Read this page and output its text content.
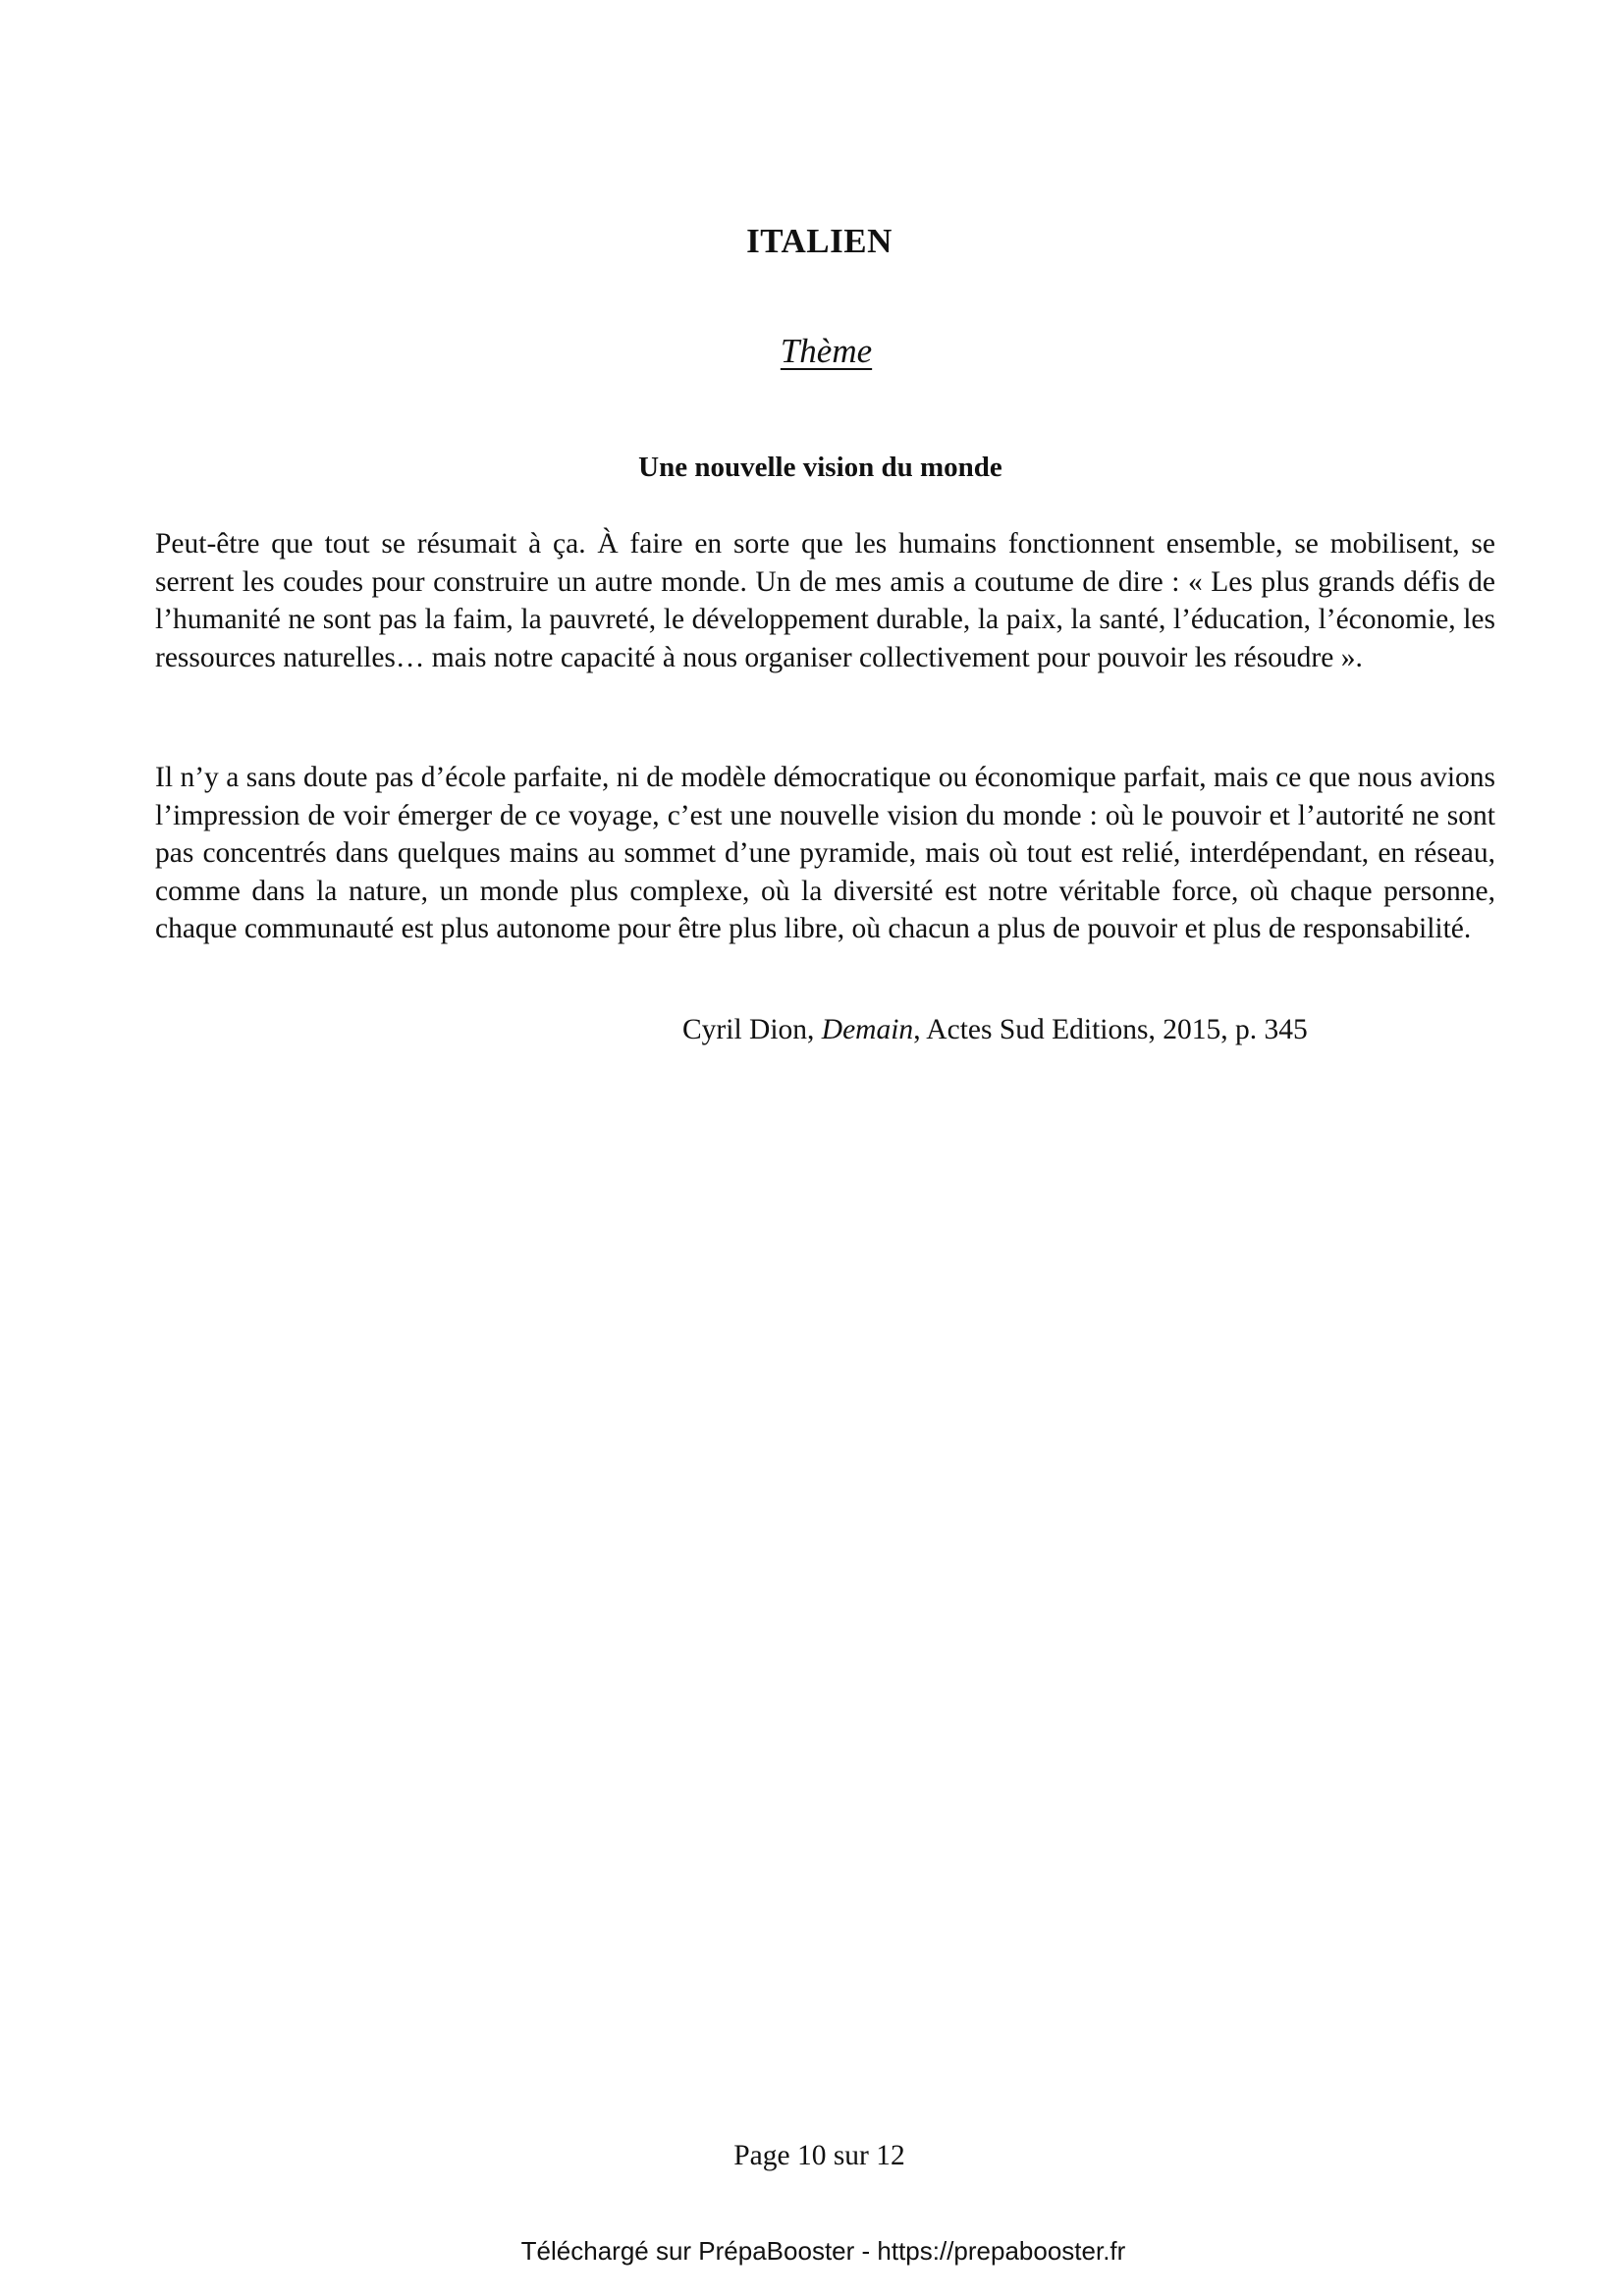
ITALIEN
Thème
Une nouvelle vision du monde

Peut-être que tout se résumait à ça. À faire en sorte que les humains fonctionnent ensemble, se mobilisent, se serrent les coudes pour construire un autre monde. Un de mes amis a coutume de dire : « Les plus grands défis de l’humanité ne sont pas la faim, la pauvreté, le développement durable, la paix, la santé, l’éducation, l’économie, les ressources naturelles… mais notre capacité à nous organiser collectivement pour pouvoir les résoudre ».

Il n’y a sans doute pas d’école parfaite, ni de modèle démocratique ou économique parfait, mais ce que nous avions l’impression de voir émerger de ce voyage, c’est une nouvelle vision du monde : où le pouvoir et l’autorité ne sont pas concentrés dans quelques mains au sommet d’une pyramide, mais où tout est relié, interdépendant, en réseau, comme dans la nature, un monde plus complexe, où la diversité est notre véritable force, où chaque personne, chaque communauté est plus autonome pour être plus libre, où chacun a plus de pouvoir et plus de responsabilité.

Cyril Dion, Demain, Actes Sud Editions, 2015, p. 345
Page 10 sur 12
Téléchargé sur PrépaBooster - https://prepabooster.fr
